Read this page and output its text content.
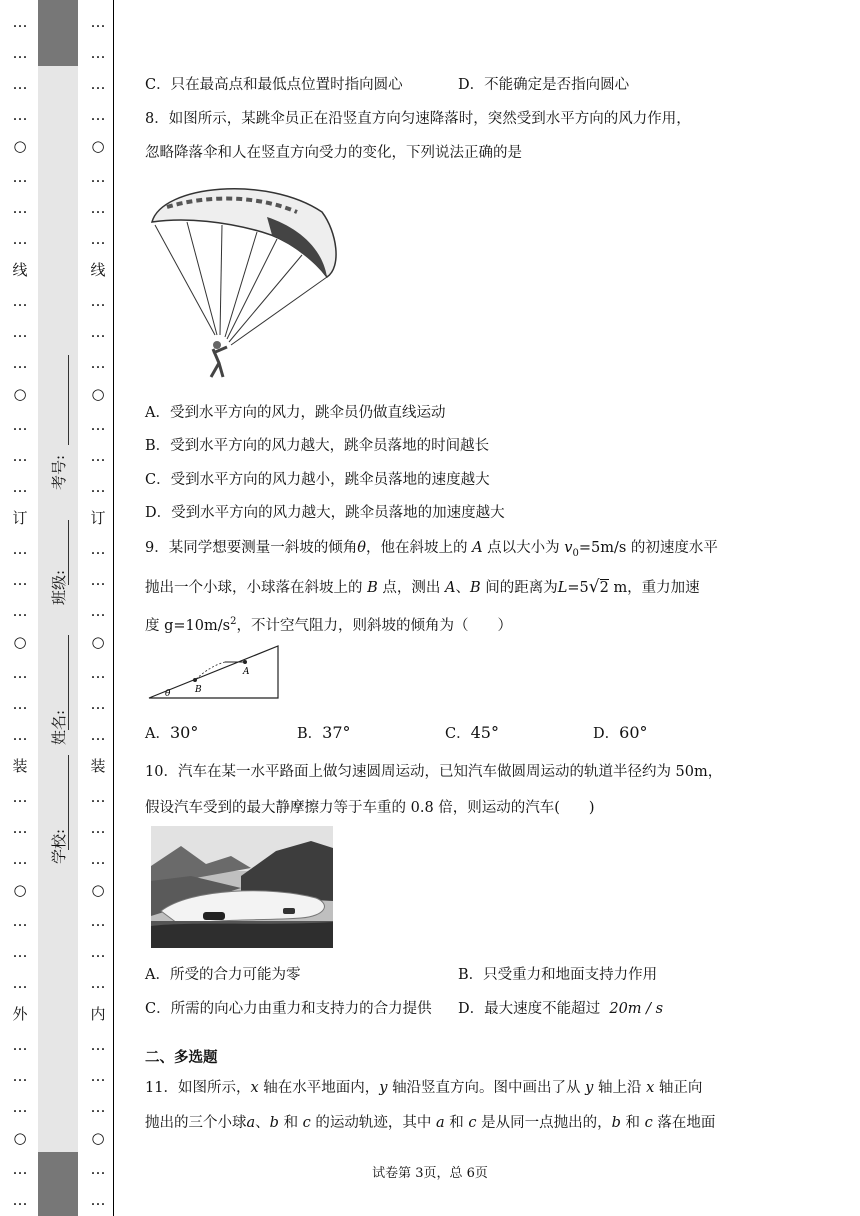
…
…
…
…
○
…
…
…
线
…
…
…
○
…
…
…
订
…
…
…
○
…
…
…
装
…
…
…
○
…
…
…
外
…
…
…
○
…
…
考号:
班级:
姓名:
学校:
…
…
…
…
○
…
…
…
线
…
…
…
○
…
…
…
订
…
…
…
○
…
…
…
装
…
…
…
○
…
…
…
内
…
…
…
○
…
…
C．只在最高点和最低点位置时指向圆心	D．不能确定是否指向圆心
8．如图所示，某跳伞员正在沿竖直方向匀速降落时，突然受到水平方向的风力作用，
忽略降落伞和人在竖直方向受力的变化，下列说法正确的是
A．受到水平方向的风力，跳伞员仍做直线运动
B．受到水平方向的风力越大，跳伞员落地的时间越长
C．受到水平方向的风力越小，跳伞员落地的速度越大
D．受到水平方向的风力越大，跳伞员落地的加速度越大
9．某同学想要测量一斜坡的倾角θ，他在斜坡上的 A 点以大小为 $v_0=5m/s$ 的初速度水平
抛出一个小球，小球落在斜坡上的 B 点，测出 A、B 间的距离为L=5√2 m，重力加速
度 $g=10m/s^2$，不计空气阻力，则斜坡的倾角为（　　）
A
B
θ
A．30°	B．37°	C．45°	D．60°
10．汽车在某一水平路面上做匀速圆周运动，已知汽车做圆周运动的轨道半径约为 50m，
假设汽车受到的最大静摩擦力等于车重的 0.8 倍，则运动的汽车(　　)
A．所受的合力可能为零	B．只受重力和地面支持力作用
C．所需的向心力由重力和支持力的合力提供 D．最大速度不能超过 20m / s
二、多选题
11．如图所示，x 轴在水平地面内，y 轴沿竖直方向。图中画出了从 y 轴上沿 x 轴正向
抛出的三个小球a、b 和 c 的运动轨迹，其中 a 和 c 是从同一点抛出的，b 和 c 落在地面
试卷第 3页，总 6页
